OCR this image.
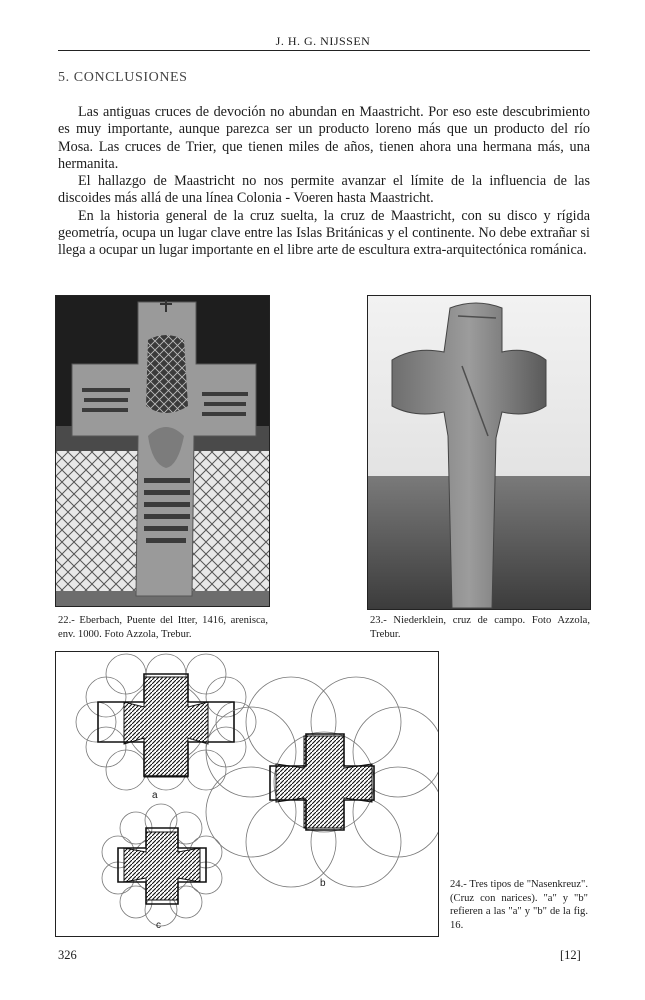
J. H. G. NIJSSEN
5. CONCLUSIONES

Las antiguas cruces de devoción no abundan en Maastricht. Por eso este descubrimiento es muy importante, aunque parezca ser un producto loreno más que un producto del río Mosa. Las cruces de Trier, que tienen miles de años, tienen ahora una hermana más, una hermanita.

El hallazgo de Maastricht no nos permite avanzar el límite de la influencia de las discoides más allá de una línea Colonia - Voeren hasta Maastricht.

En la historia general de la cruz suelta, la cruz de Maastricht, con su disco y rígida geometría, ocupa un lugar clave entre las Islas Británicas y el continente. No debe extrañar si llega a ocupar un lugar importante en el libre arte de escultura extra-arquitectónica románica.

22.- Eberbach, Puente del Itter, 1416, arenisca, env. 1000. Foto Azzola, Trebur.
23.- Niederklein, cruz de campo. Foto Azzola, Trebur.
a
b
c
24.- Tres tipos de "Nasenkreuz". (Cruz con narices). "a" y "b" refieren a las "a" y "b" de la fig. 16.
326	[12]
